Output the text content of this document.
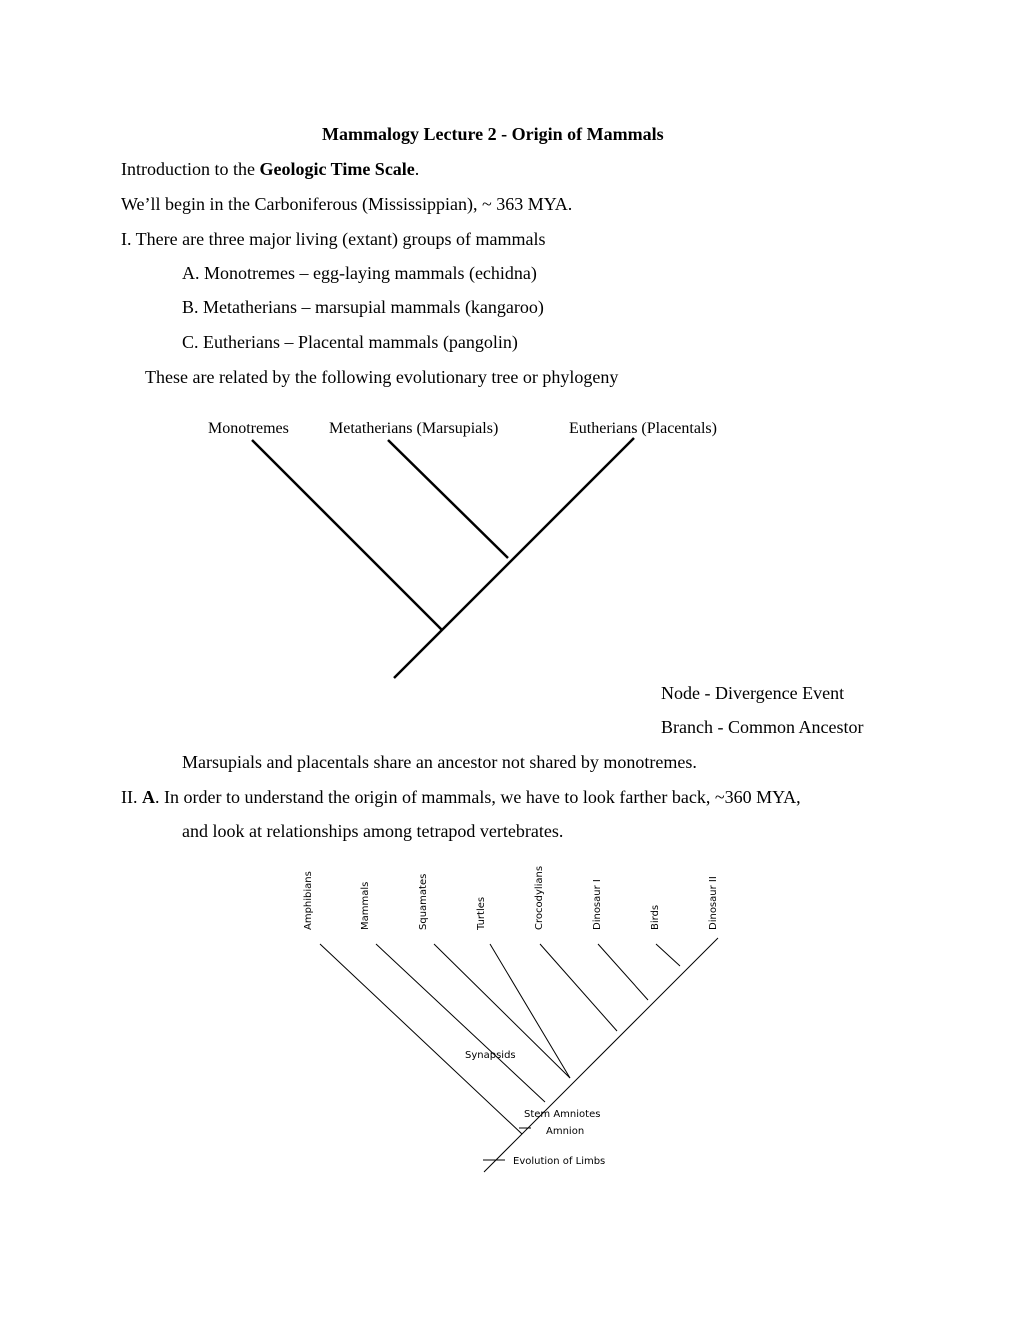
Mammalogy Lecture 2 - Origin of Mammals
Introduction to the Geologic Time Scale.
We’ll begin in the Carboniferous (Mississippian), ~ 363 MYA.
I. There are three major living (extant) groups of mammals
A. Monotremes – egg-laying mammals (echidna)
B. Metatherians – marsupial mammals (kangaroo)
C. Eutherians – Placental mammals (pangolin)
These are related by the following evolutionary tree or phylogeny
Monotremes	Metatherians (Marsupials)	Eutherians (Placentals)
Node - Divergence Event
Branch - Common Ancestor
Marsupials and placentals share an ancestor not shared by monotremes.
II. A. In order to understand the origin of mammals, we have to look farther back, ~360 MYA,
and look at relationships among tetrapod vertebrates.
Amphibians	Mammals	Squamates	Turtles	Crocodylians	Dinosaur I	Birds	Dinosaur II
Synapsids
Stem Amniotes
Amnion
Evolution of Limbs
